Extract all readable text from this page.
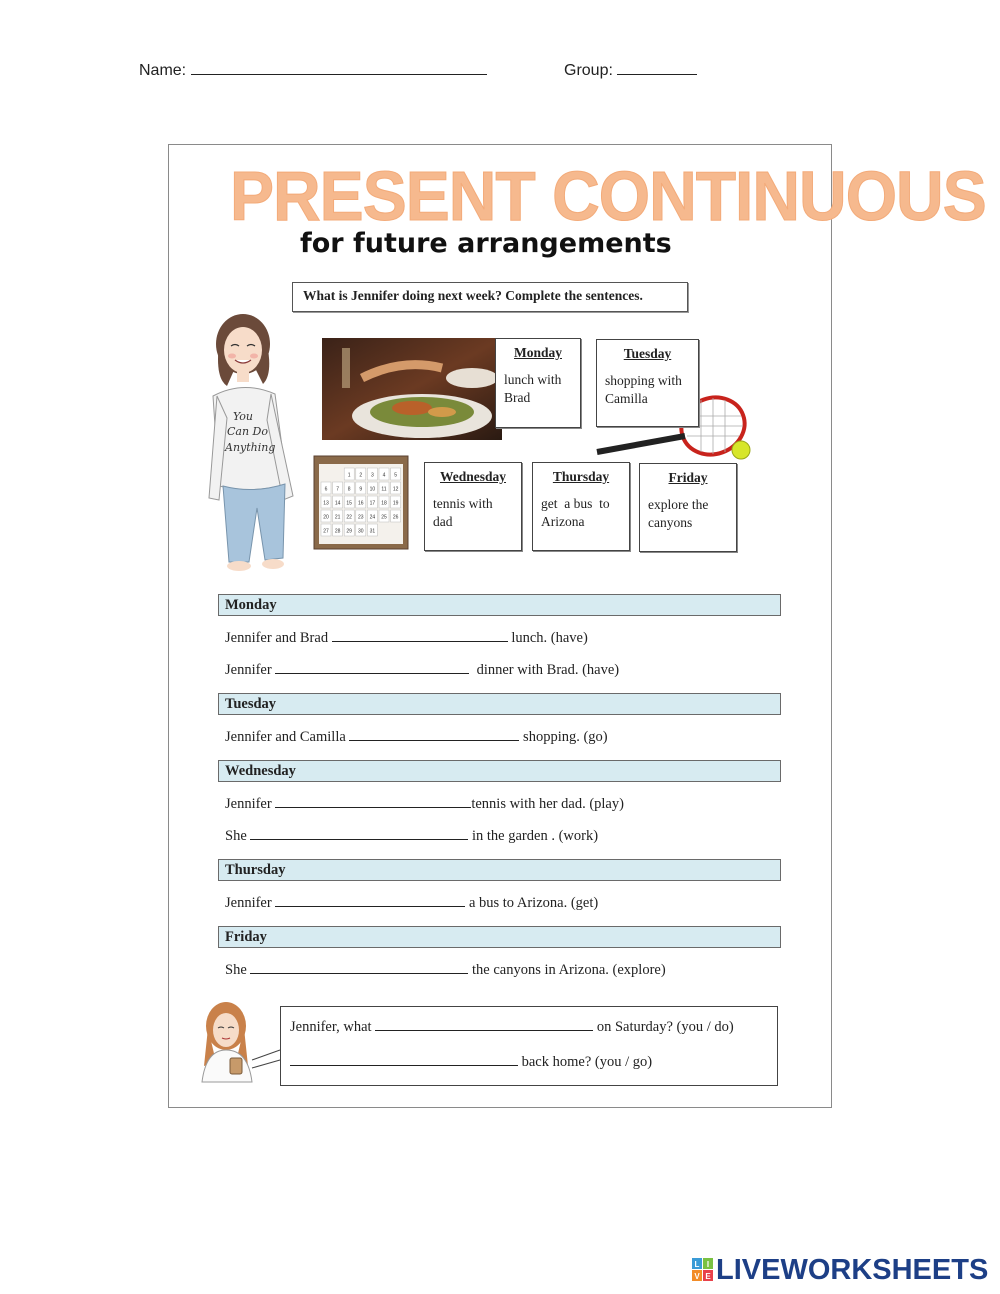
Name:	Group:
PRESENT CONTINUOUS
for future arrangements
What is Jennifer doing next week? Complete the sentences.
You
Can Do
Anything
1 2 3 4 5
6 7 8 9 10 11 12
13 14 15 16 17 18 19
20 21 22 23 24 25 26
27 28 29 30 31
Monday
lunch with
Brad
Tuesday
shopping with
Camilla
Wednesday
tennis with
dad
Thursday
get  a bus  to
Arizona
Friday
explore the
canyons
Monday
Jennifer and Brad	lunch. (have)
Jennifer	dinner with Brad. (have)
Tuesday
Jennifer and Camilla	shopping. (go)
Wednesday
Jennifer	tennis with her dad. (play)
She	in the garden . (work)
Thursday
Jennifer	a bus to Arizona. (get)
Friday
She	the canyons in Arizona. (explore)
Jennifer, what	on Saturday? (you / do)
back home? (you / go)
L I
V E LIVEWORKSHEETS
